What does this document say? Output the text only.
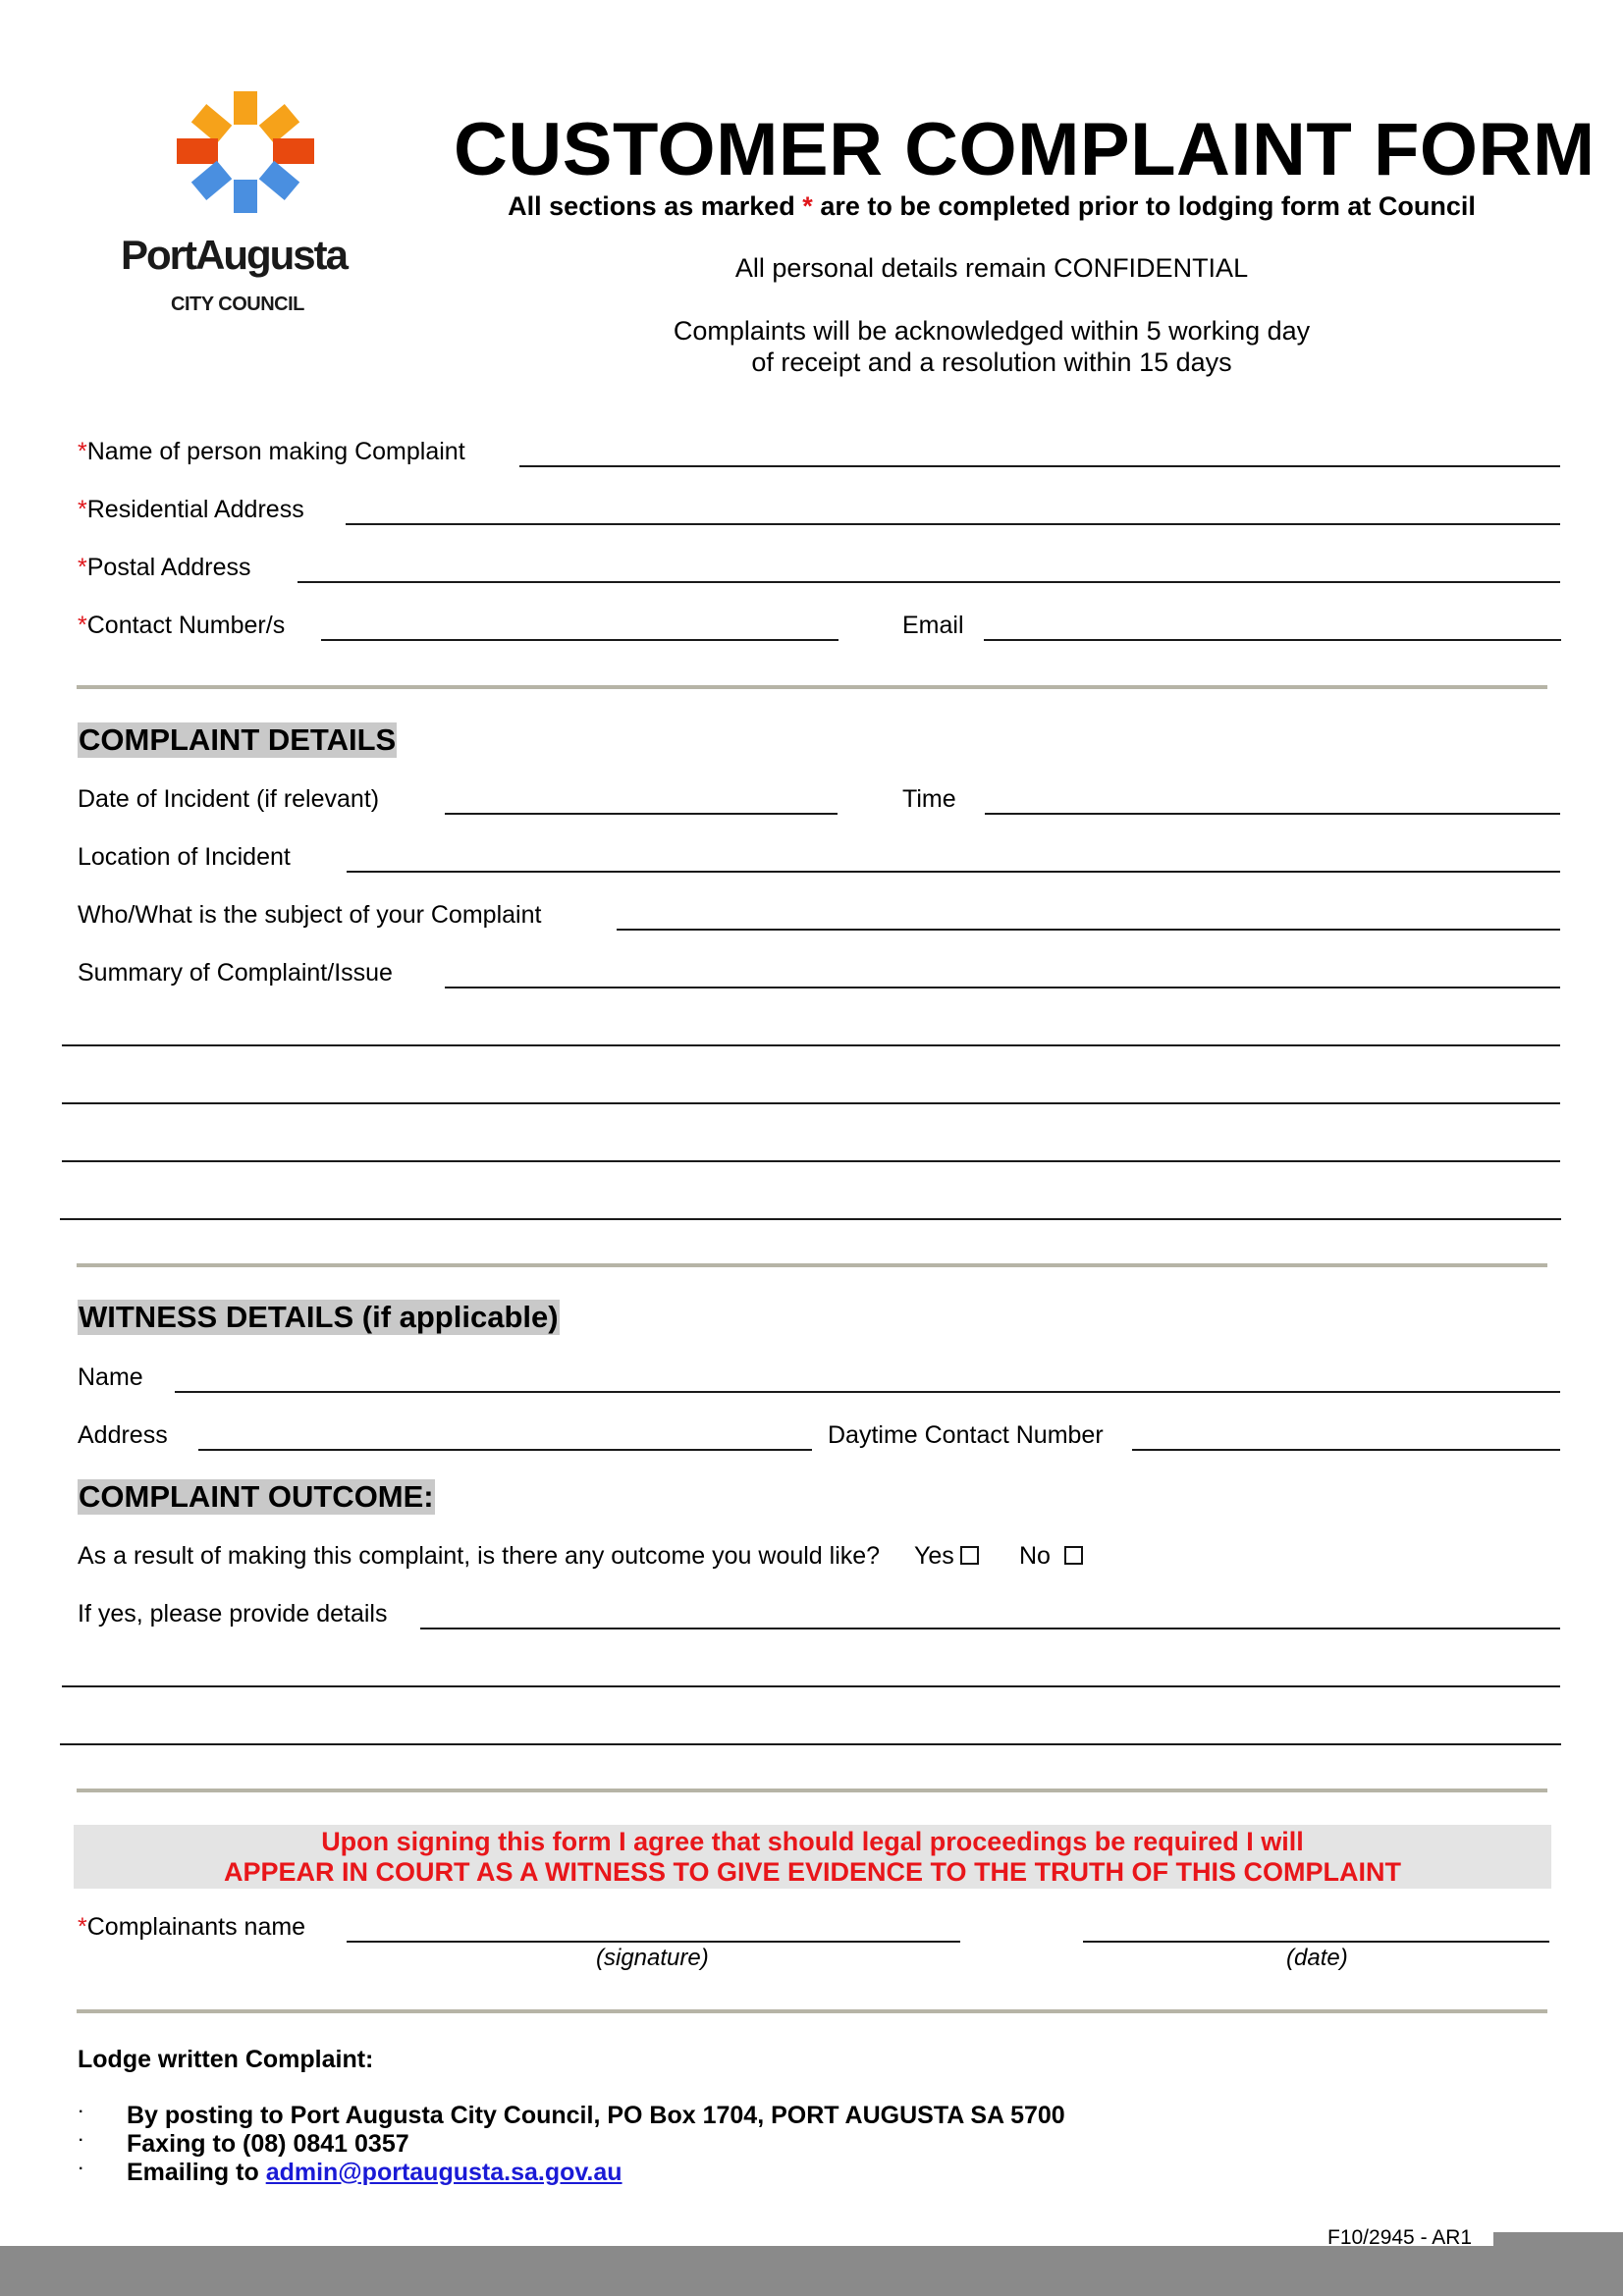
PortAugusta
CITY COUNCIL
CUSTOMER COMPLAINT FORM
All sections as marked * are to be completed prior to lodging form at Council
All personal details remain CONFIDENTIAL
Complaints will be acknowledged within 5 working day
of receipt and a resolution within 15 days
*Name of person making Complaint
*Residential Address
*Postal Address
*Contact Number/s	Email
COMPLAINT DETAILS
Date of Incident (if relevant)	Time
Location of Incident
Who/What is the subject of your Complaint
Summary of Complaint/Issue
WITNESS DETAILS (if applicable)
Name
Address	Daytime Contact Number
COMPLAINT OUTCOME:
As a result of making this complaint, is there any outcome you would like? Yes	No
If yes, please provide details
Upon signing this form I agree that should legal proceedings be required I will
APPEAR IN COURT AS A WITNESS TO GIVE EVIDENCE TO THE TRUTH OF THIS COMPLAINT
*Complainants name
(signature)	(date)
Lodge written Complaint:
· By posting to Port Augusta City Council, PO Box 1704, PORT AUGUSTA SA 5700
· Faxing to (08) 0841 0357
· Emailing to admin@portaugusta.sa.gov.au
F10/2945 - AR1
